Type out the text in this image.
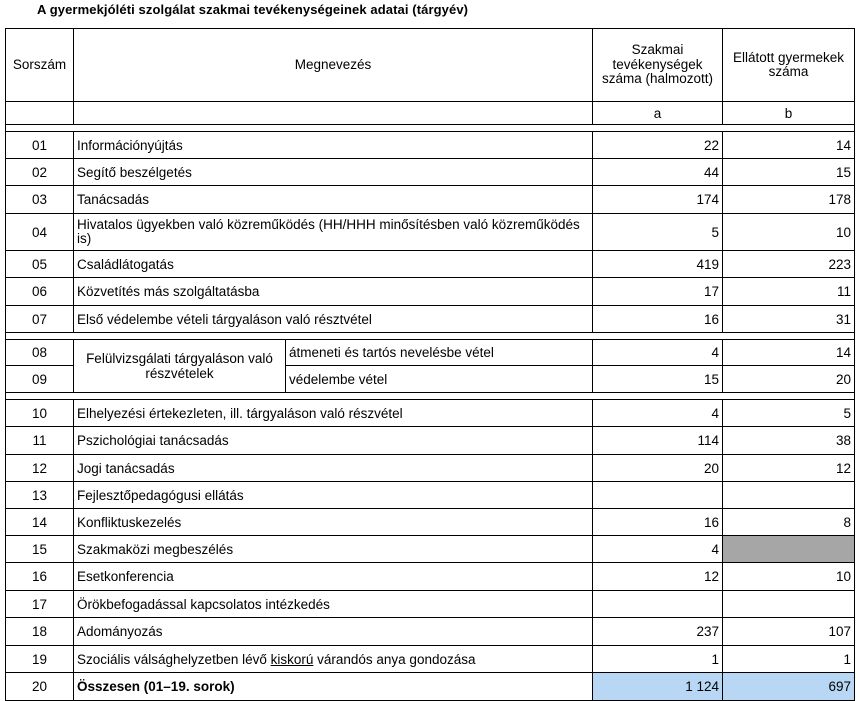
A gyermekjóléti szolgálat szakmai tevékenységeinek adatai (tárgyév)
Sorszám	Megnevezés		Szakmai tevékenységek száma (halmozott)	Ellátott gyermekek száma
			a	b

01	Információnyújtás		22	14
02	Segítő beszélgetés		44	15
03	Tanácsadás		174	178
04	Hivatalos ügyekben való közreműködés (HH/HHH minősítésben való közreműködés is)		5	10
05	Családlátogatás		419	223
06	Közvetítés más szolgáltatásba		17	11
07	Első védelembe vételi tárgyaláson való résztvétel		16	31

08	Felülvizsgálati tárgyaláson való részvételek	átmeneti és tartós nevelésbe vétel	4	14
09		védelembe vétel	15	20

10	Elhelyezési értekezleten, ill. tárgyaláson való részvétel		4	5
11	Pszichológiai tanácsadás		114	38
12	Jogi tanácsadás		20	12
13	Fejlesztőpedagógusi ellátás			
14	Konfliktuskezelés		16	8
15	Szakmaközi megbeszélés		4	
16	Esetkonferencia		12	10
17	Örökbefogadással kapcsolatos intézkedés			
18	Adományozás		237	107
19	Szociális válsághelyzetben lévő kiskorú várandós anya gondozása		1	1
20	Összesen (01–19. sorok)		1 124	697
